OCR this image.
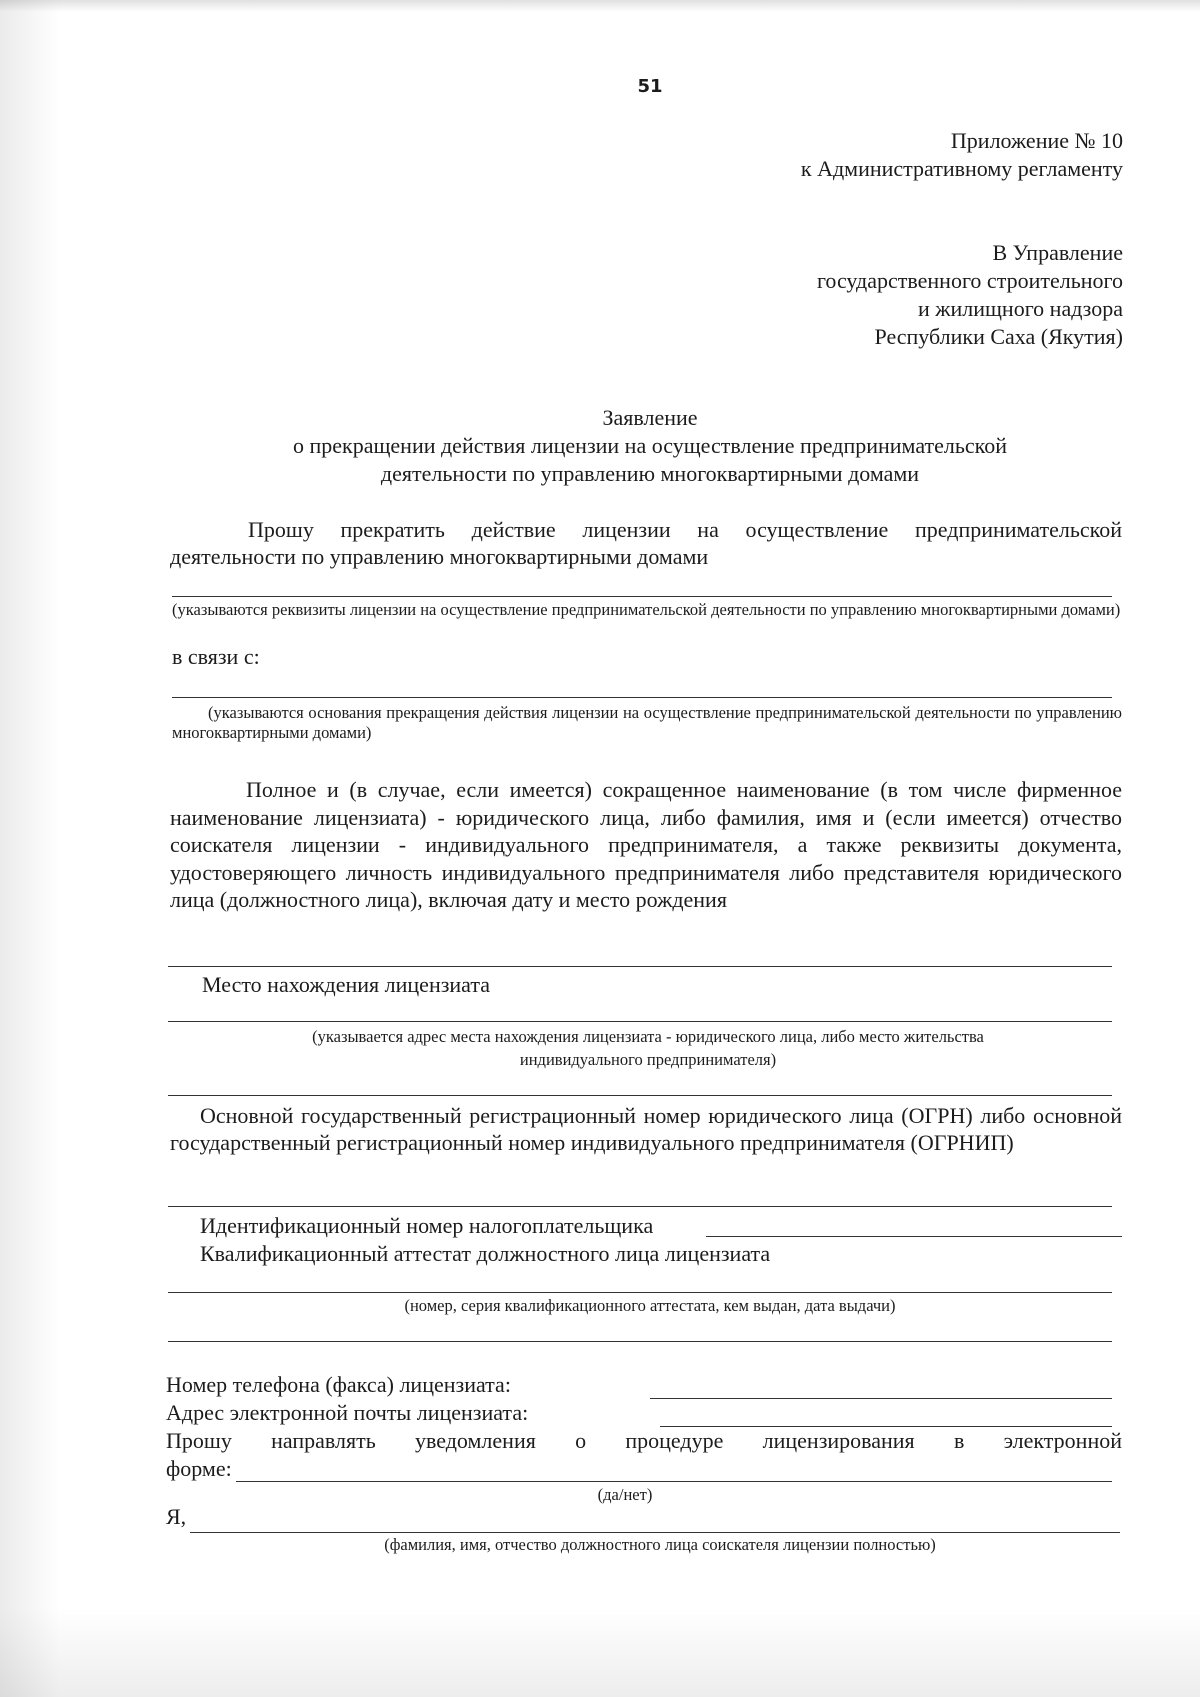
51
Приложение № 10
к Административному регламенту
В Управление
государственного строительного
и жилищного надзора
Республики Саха (Якутия)
Заявление
о прекращении действия лицензии на осуществление предпринимательской
деятельности по управлению многоквартирными домами
Прошу прекратить действие лицензии на осуществление предпринимательской деятельности по управлению многоквартирными домами
(указываются реквизиты лицензии на осуществление предпринимательской деятельности по управлению многоквартирными домами)
в связи с:
(указываются основания прекращения действия лицензии на осуществление предпринимательской деятельности по управлению многоквартирными домами)
Полное и (в случае, если имеется) сокращенное наименование (в том числе фирменное наименование лицензиата) - юридического лица, либо фамилия, имя и (если имеется) отчество соискателя лицензии - индивидуального предпринимателя, а также реквизиты документа, удостоверяющего личность индивидуального предпринимателя либо представителя юридического лица (должностного лица), включая дату и место рождения
Место нахождения лицензиата
(указывается адрес места нахождения лицензиата - юридического лица, либо место жительства
индивидуального предпринимателя)
Основной государственный регистрационный номер юридического лица (ОГРН) либо основной государственный регистрационный номер индивидуального предпринимателя (ОГРНИП)
Идентификационный номер налогоплательщика
Квалификационный аттестат должностного лица лицензиата
(номер, серия квалификационного аттестата, кем выдан, дата выдачи)
Номер телефона (факса) лицензиата:
Адрес электронной почты лицензиата:
Прошу направлять уведомления о процедуре лицензирования в электронной
форме:
(да/нет)
Я,
(фамилия, имя, отчество должностного лица соискателя лицензии полностью)
